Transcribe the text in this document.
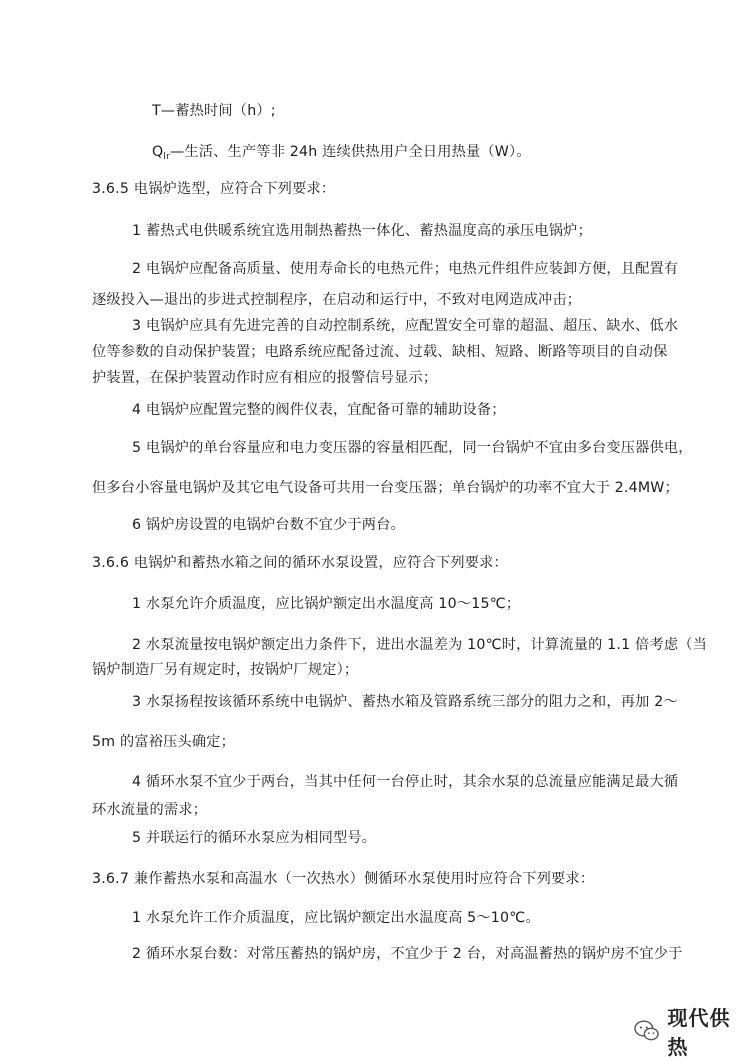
T—蓄热时间（h）;
$Q_{lr}—$生活、生产等非 24h 连续供热用户全日用热量（W）。
3.6.5 电锅炉选型，应符合下列要求：
1 蓄热式电供暖系统宜选用制热蓄热一体化、蓄热温度高的承压电锅炉；
2 电锅炉应配备高质量、使用寿命长的电热元件；电热元件组件应装卸方便，且配置有
逐级投入—退出的步进式控制程序，在启动和运行中，不致对电网造成冲击；
3 电锅炉应具有先进完善的自动控制系统，应配置安全可靠的超温、超压、缺水、低水
位等参数的自动保护装置；电路系统应配备过流、过载、缺相、短路、断路等项目的自动保
护装置，在保护装置动作时应有相应的报警信号显示；
4 电锅炉应配置完整的阀件仪表，宜配备可靠的辅助设备；
5 电锅炉的单台容量应和电力变压器的容量相匹配，同一台锅炉不宜由多台变压器供电，
但多台小容量电锅炉及其它电气设备可共用一台变压器；单台锅炉的功率不宜大于 2.4MW；
6 锅炉房设置的电锅炉台数不宜少于两台。
3.6.6 电锅炉和蓄热水箱之间的循环水泵设置，应符合下列要求：
1 水泵允许介质温度，应比锅炉额定出水温度高 10～15℃；
2 水泵流量按电锅炉额定出力条件下，进出水温差为 10℃时，计算流量的 1.1 倍考虑（当
锅炉制造厂另有规定时，按锅炉厂规定）；
3 水泵扬程按该循环系统中电锅炉、蓄热水箱及管路系统三部分的阻力之和，再加 2～
5m 的富裕压头确定；
4 循环水泵不宜少于两台，当其中任何一台停止时，其余水泵的总流量应能满足最大循
环水流量的需求；
5 并联运行的循环水泵应为相同型号。
3.6.7 兼作蓄热水泵和高温水（一次热水）侧循环水泵使用时应符合下列要求：
1 水泵允许工作介质温度，应比锅炉额定出水温度高 5～10℃。
2 循环水泵台数：对常压蓄热的锅炉房，不宜少于 2 台，对高温蓄热的锅炉房不宜少于
现代供热
